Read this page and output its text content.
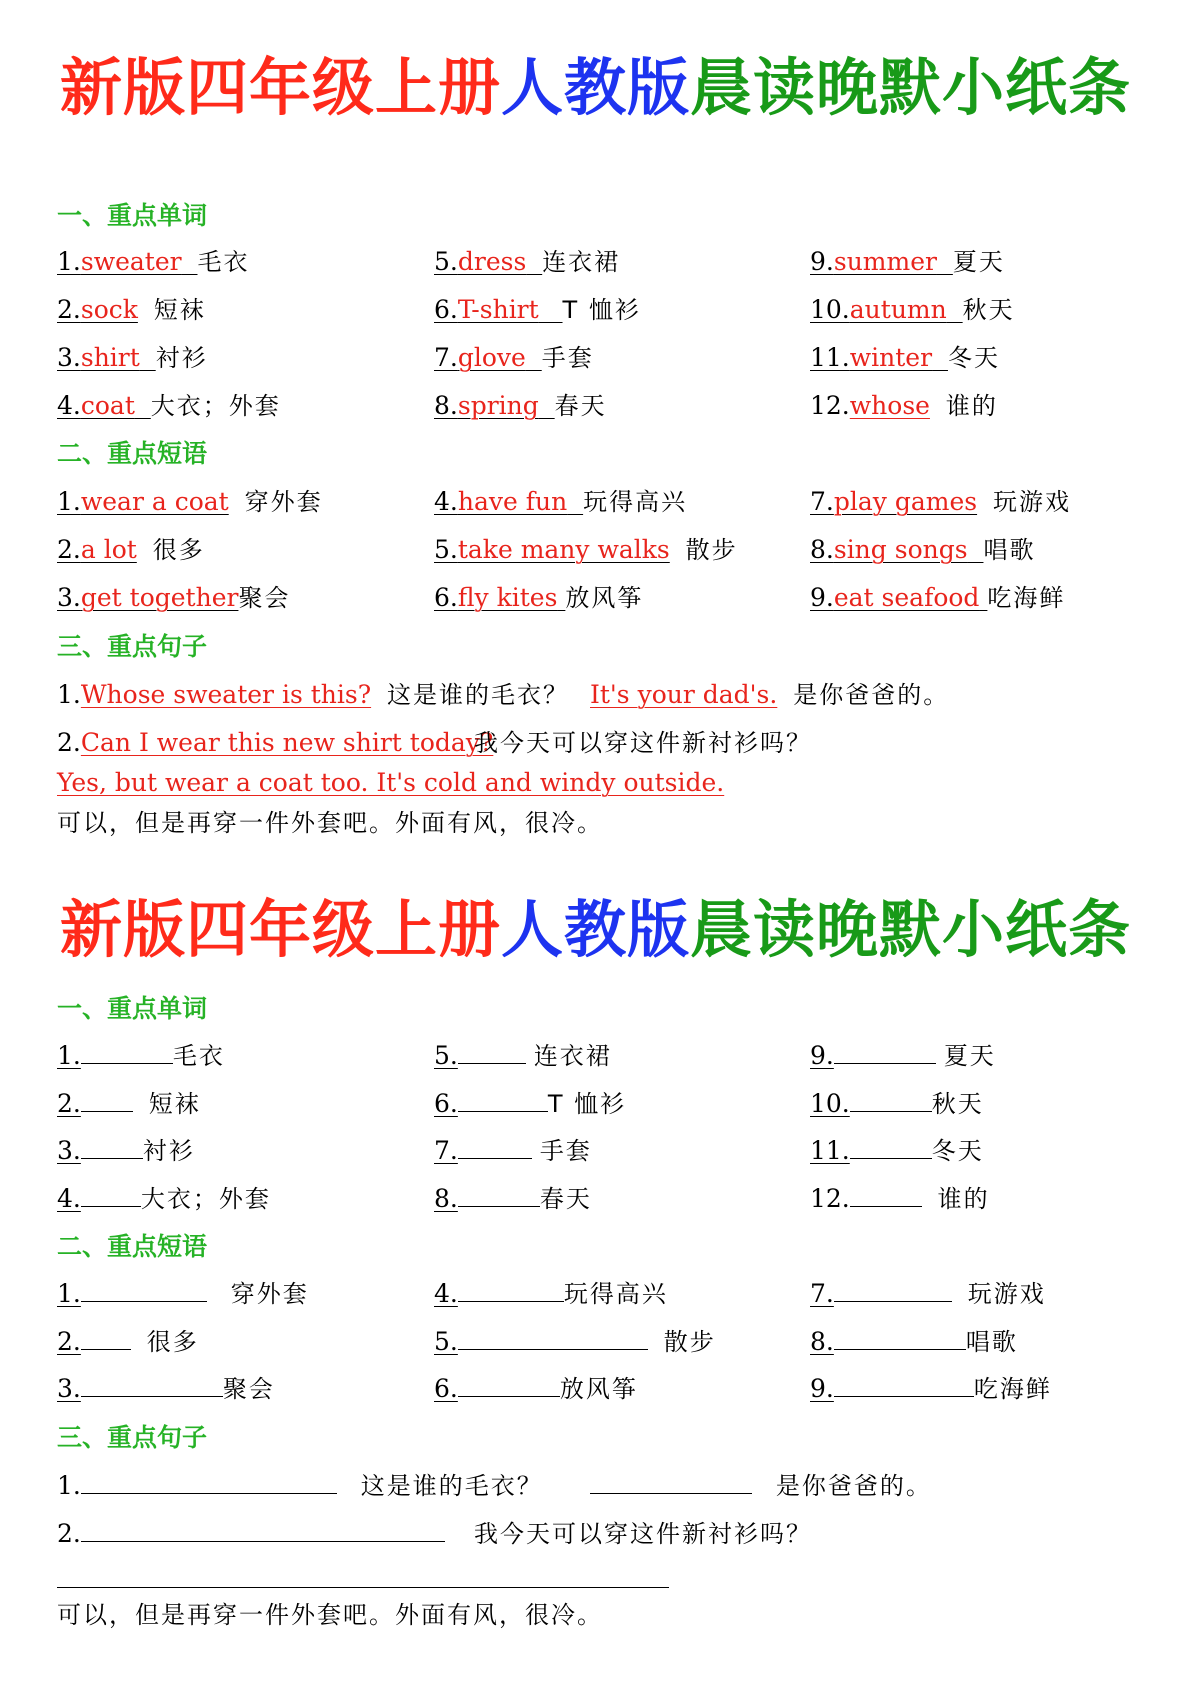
新版四年级上册人教版晨读晚默小纸条
一、重点单词
1.sweater 毛衣
2.sock 短袜
3.shirt 衬衫
4.coat 大衣；外套
5.dress 连衣裙
6.T-shirt T 恤衫
7.glove 手套
8.spring 春天
9.summer 夏天
10.autumn 秋天
11.winter 冬天
12.whose 谁的
二、重点短语
1.wear a coat 穿外套
2.a lot 很多
3.get together聚会
4.have fun 玩得高兴
5.take many walks 散步
6.fly kites 放风筝
7.play games 玩游戏
8.sing songs 唱歌
9.eat seafood 吃海鲜
三、重点句子
1.Whose sweater is this? 这是谁的毛衣？ It's your dad's. 是你爸爸的。
2.Can I wear this new shirt today?
我今天可以穿这件新衬衫吗？
Yes, but wear a coat too. It's cold and windy outside.
可以，但是再穿一件外套吧。外面有风，很冷。
新版四年级上册人教版晨读晚默小纸条
一、重点单词
1.	毛衣
2.	短袜
3.	衬衫
4.	大衣；外套
5.	连衣裙
6.	T 恤衫
7.	手套
8.	春天
9.	夏天
10.	秋天
11.	冬天
12.	谁的
二、重点短语
1.	穿外套
2.	很多
3.	聚会
4.	玩得高兴
5.	散步
6.	放风筝
7.	玩游戏
8.	唱歌
9.	吃海鲜
三、重点句子
1.	这是谁的毛衣？	是你爸爸的。
2.	我今天可以穿这件新衬衫吗？
可以，但是再穿一件外套吧。外面有风，很冷。
